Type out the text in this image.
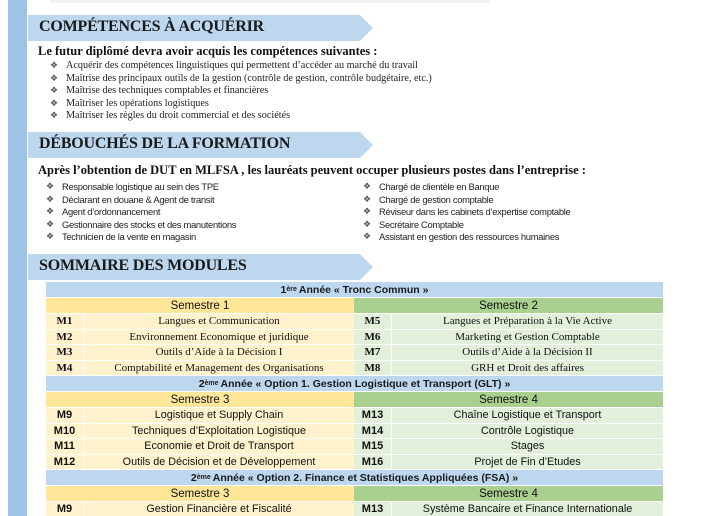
COMPÉTENCES À ACQUÉRIR
Le futur diplômé devra avoir acquis les compétences suivantes :
❖ Acquérir des compétences linguistiques qui permettent d’accéder au marché du travail
❖ Maîtrise des principaux outils de la gestion (contrôle de gestion, contrôle budgétaire, etc.)
❖ Maîtrise des techniques comptables et financières
❖ Maîtriser les opérations logistiques
❖ Maîtriser les règles du droit commercial et des sociétés
DÉBOUCHÉS DE LA FORMATION
Après l’obtention de DUT en MLFSA , les lauréats peuvent occuper plusieurs postes dans l’entreprise :
❖ Responsable logistique au sein des TPE
❖ Déclarant en douane & Agent de transit
❖ Agent d’ordonnancement
❖ Gestionnaire des stocks et des manutentions
❖ Technicien de la vente en magasin
❖ Chargé de clientèle en Banque
❖ Chargé de gestion comptable
❖ Réviseur dans les cabinets d’expertise comptable
❖ Secrétaire Comptable
❖ Assistant en gestion des ressources humaines
SOMMAIRE DES MODULES
1 ère Année « Tronc Commun »
Semestre 1	Semestre 2
M1	Langues et Communication	M5	Langues et Préparation à la Vie Active
M2	Environnement Economique et juridique	M6	Marketing et Gestion Comptable
M3	Outils d’Aide à la Décision I	M7	Outils d’Aide à la Décision II
M4	Comptabilité et Management des Organisations	M8	GRH et Droit des affaires
2 ème Année « Option 1. Gestion Logistique et Transport (GLT) »
Semestre 3	Semestre 4
M9	Logistique et Supply Chain	M13	Chaîne Logistique et Transport
M10	Techniques d’Exploitation Logistique	M14	Contrôle Logistique
M11	Economie et Droit de Transport	M15	Stages
M12	Outils de Décision et de Développement	M16	Projet de Fin d’Etudes
2 ème Année « Option 2. Finance et Statistiques Appliquées (FSA) »
Semestre 3	Semestre 4
M9	Gestion Financière et Fiscalité	M13	Système Bancaire et Finance Internationale
